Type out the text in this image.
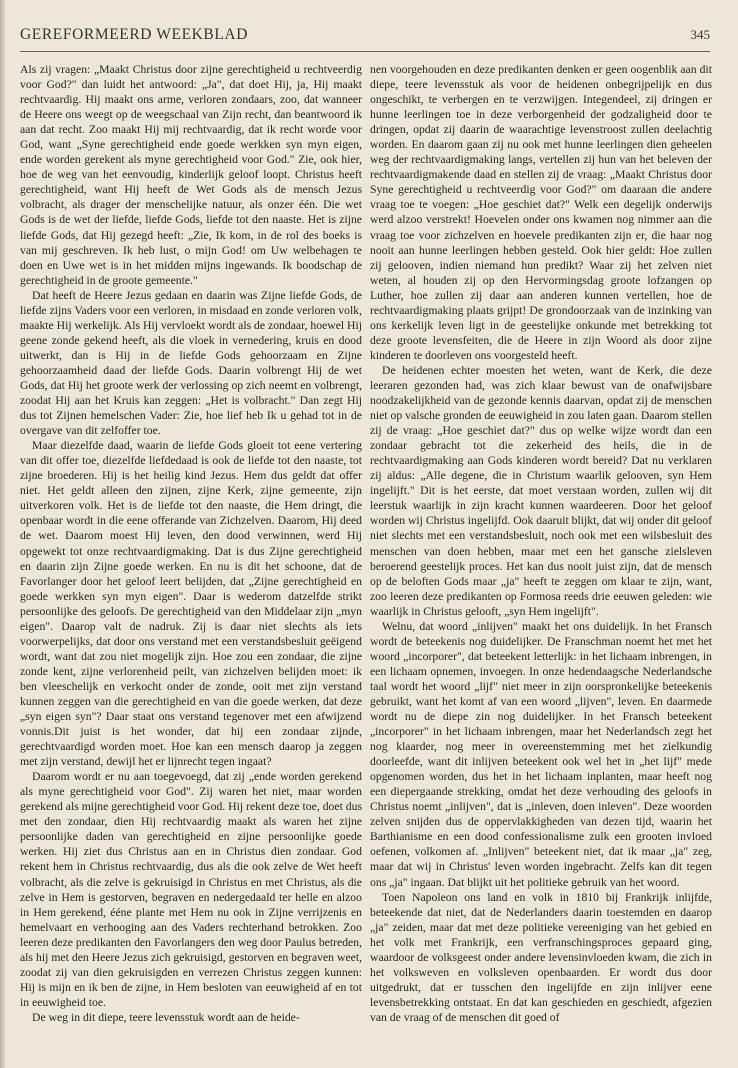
GEREFORMEERD WEEKBLAD	345

Als zij vragen: „Maakt Christus door zijne gerechtigheid u rechtveerdig voor God?" dan luidt het antwoord: „Ja", dat doet Hij, ja, Hij maakt rechtvaardig. Hij maakt ons arme, verloren zondaars, zoo, dat wanneer de Heere ons weegt op de weegschaal van Zijn recht, dan beantwoord ik aan dat recht. Zoo maakt Hij mij rechtvaardig, dat ik recht worde voor God, want „Syne gerechtigheid ende goede werkken syn myn eigen, ende worden gerekent als myne gerechtigheid voor God." Zie, ook hier, hoe de weg van het eenvoudig, kinderlijk geloof loopt. Christus heeft gerechtigheid, want Hij heeft de Wet Gods als de mensch Jezus volbracht, als drager der menschelijke natuur, als onzer één. Die wet Gods is de wet der liefde, liefde Gods, liefde tot den naaste. Het is zijne liefde Gods, dat Hij gezegd heeft: „Zie, Ik kom, in de rol des boeks is van mij geschreven. Ik heb lust, o mijn God! om Uw welbehagen te doen en Uwe wet is in het midden mijns ingewands. Ik boodschap de gerechtigheid in de groote gemeente."

Dat heeft de Heere Jezus gedaan en daarin was Zijne liefde Gods, de liefde zijns Vaders voor een verloren, in misdaad en zonde verloren volk, maakte Hij werkelijk. Als Hij vervloekt wordt als de zondaar, hoewel Hij geene zonde gekend heeft, als die vloek in vernedering, kruis en dood uitwerkt, dan is Hij in de liefde Gods gehoorzaam en Zijne gehoorzaamheid daad der liefde Gods. Daarin volbrengt Hij de wet Gods, dat Hij het groote werk der verlossing op zich neemt en volbrengt, zoodat Hij aan het Kruis kan zeggen: „Het is volbracht." Dan zegt Hij dus tot Zijnen hemelschen Vader: Zie, hoe lief heb Ik u gehad tot in de overgave van dit zelfoffer toe.

Maar diezelfde daad, waarin de liefde Gods gloeit tot eene vertering van dit offer toe, diezelfde liefdedaad is ook de liefde tot den naaste, tot zijne broederen. Hij is het heilig kind Jezus. Hem dus geldt dat offer niet. Het geldt alleen den zijnen, zijne Kerk, zijne gemeente, zijn uitverkoren volk. Het is de liefde tot den naaste, die Hem dringt, die openbaar wordt in die eene offerande van Zichzelven. Daarom, Hij deed de wet. Daarom moest Hij leven, den dood verwinnen, werd Hij opgewekt tot onze rechtvaardigmaking. Dat is dus Zijne gerechtigheid en daarin zijn Zijne goede werken. En nu is dit het schoone, dat de Favorlanger door het geloof leert belijden, dat „Zijne gerechtigheid en goede werkken syn myn eigen". Daar is wederom datzelfde strikt persoonlijke des geloofs. De gerechtigheid van den Middelaar zijn „myn eigen". Daarop valt de nadruk. Zij is daar niet slechts als iets voorwerpelijks, dat door ons verstand met een verstandsbesluit geëigend wordt, want dat zou niet mogelijk zijn. Hoe zou een zondaar, die zijne zonde kent, zijne verlorenheid peilt, van zichzelven belijden moet: ik ben vleeschelijk en verkocht onder de zonde, ooit met zijn verstand kunnen zeggen van die gerechtigheid en van die goede werken, dat deze „syn eigen syn"? Daar staat ons verstand tegenover met een afwijzend vonnis.Dit juist is het wonder, dat hij een zondaar zijnde, gerechtvaardigd worden moet. Hoe kan een mensch daarop ja zeggen met zijn verstand, dewijl het er lijnrecht tegen ingaat?

Daarom wordt er nu aan toegevoegd, dat zij „ende worden gerekend als myne gerechtigheid voor God". Zij waren het niet, maar worden gerekend als mijne gerechtigheid voor God. Hij rekent deze toe, doet dus met den zondaar, dien Hij rechtvaardig maakt als waren het zijne persoonlijke daden van gerechtigheid en zijne persoonlijke goede werken. Hij ziet dus Christus aan en in Christus dien zondaar. God rekent hem in Christus rechtvaardig, dus als die ook zelve de Wet heeft volbracht, als die zelve is gekruisigd in Christus en met Christus, als die zelve in Hem is gestorven, begraven en nedergedaald ter helle en alzoo in Hem gerekend, ééne plante met Hem nu ook in Zijne verrijzenis en hemelvaart en verhooging aan des Vaders rechterhand betrokken. Zoo leeren deze predikanten den Favorlangers den weg door Paulus betreden, als hij met den Heere Jezus zich gekruisigd, gestorven en begraven weet, zoodat zij van dien gekruisigden en verrezen Christus zeggen kunnen: Hij is mijn en ik ben de zijne, in Hem besloten van eeuwigheid af en tot in eeuwigheid toe.

De weg in dit diepe, teere levensstuk wordt aan de heide-

nen voorgehouden en deze predikanten denken er geen oogenblik aan dit diepe, teere levensstuk als voor de heidenen onbegrijpelijk en dus ongeschikt, te verbergen en te verzwijgen. Integendeel, zij dringen er hunne leerlingen toe in deze verborgenheid der godzaligheid door te dringen, opdat zij daarin de waarachtige levenstroost zullen deelachtig worden. En daarom gaan zij nu ook met hunne leerlingen dien geheelen weg der rechtvaardigmaking langs, vertellen zij hun van het beleven der rechtvaardigmakende daad en stellen zij de vraag: „Maakt Christus door Syne gerechtigheid u rechtveerdig voor God?" om daaraan die andere vraag toe te voegen: „Hoe geschiet dat?" Welk een degelijk onderwijs werd alzoo verstrekt! Hoevelen onder ons kwamen nog nimmer aan die vraag toe voor zichzelven en hoevele predikanten zijn er, die haar nog nooit aan hunne leerlingen hebben gesteld. Ook hier geldt: Hoe zullen zij gelooven, indien niemand hun predikt? Waar zij het zelven niet weten, al houden zij op den Hervormingsdag groote lofzangen op Luther, hoe zullen zij daar aan anderen kunnen vertellen, hoe de rechtvaardigmaking plaats grijpt! De grondoorzaak van de inzinking van ons kerkelijk leven ligt in de geestelijke onkunde met betrekking tot deze groote levensfeiten, die de Heere in zijn Woord als door zijne kinderen te doorleven ons voorgesteld heeft.

De heidenen echter moesten het weten, want de Kerk, die deze leeraren gezonden had, was zich klaar bewust van de onafwijsbare noodzakelijkheid van de gezonde kennis daarvan, opdat zij de menschen niet op valsche gronden de eeuwigheid in zou laten gaan. Daarom stellen zij de vraag: „Hoe geschiet dat?" dus op welke wijze wordt dan een zondaar gebracht tot die zekerheid des heils, die in de rechtvaardigmaking aan Gods kinderen wordt bereid? Dat nu verklaren zij aldus: „Alle degene, die in Christum waarlik gelooven, syn Hem ingelijft." Dit is het eerste, dat moet verstaan worden, zullen wij dit leerstuk waarlijk in zijn kracht kunnen waardeeren. Door het geloof worden wij Christus ingelijfd. Ook daaruit blijkt, dat wij onder dit geloof niet slechts met een verstandsbesluit, noch ook met een wilsbesluit des menschen van doen hebben, maar met een het gansche zielsleven beroerend geestelijk proces. Het kan dus nooit juist zijn, dat de mensch op de beloften Gods maar „ja" heeft te zeggen om klaar te zijn, want, zoo leeren deze predikanten op Formosa reeds drie eeuwen geleden: wie waarlijk in Christus gelooft, „syn Hem ingelijft".

Welnu, dat woord „inlijven" maakt het ons duidelijk. In het Fransch wordt de beteekenis nog duidelijker. De Franschman noemt het met het woord „incorporer", dat beteekent letterlijk: in het lichaam inbrengen, in een lichaam opnemen, invoegen. In onze hedendaagsche Nederlandsche taal wordt het woord „lijf" niet meer in zijn oorspronkelijke beteekenis gebruikt, want het komt af van een woord „lijven", leven. En daarmede wordt nu de diepe zin nog duidelijker. In het Fransch beteekent „incorporer" in het lichaam inbrengen, maar het Nederlandsch zegt het nog klaarder, nog meer in overeenstemming met het zielkundig doorleefde, want dit inlijven beteekent ook wel het in „het lijf" mede opgenomen worden, dus het in het lichaam inplanten, maar heeft nog een diepergaande strekking, omdat het deze verhouding des geloofs in Christus noemt „inlijven", dat is „inleven, doen inleven". Deze woorden zelven snijden dus de oppervlakkigheden van dezen tijd, waarin het Barthianisme en een dood confessionalisme zulk een grooten invloed oefenen, volkomen af. „Inlijven" beteekent niet, dat ik maar „ja" zeg, maar dat wij in Christus' leven worden ingebracht. Zelfs kan dit tegen ons „ja" ingaan. Dat blijkt uit het politieke gebruik van het woord.

Toen Napoleon ons land en volk in 1810 bij Frankrijk inlijfde, beteekende dat niet, dat de Nederlanders daarin toestemden en daarop „ja" zeiden, maar dat met deze politieke vereeniging van het gebied en het volk met Frankrijk, een verfranschingsproces gepaard ging, waardoor de volksgeest onder andere levensinvloeden kwam, die zich in het volksweven en volksleven openbaarden. Er wordt dus door uitgedrukt, dat er tusschen den ingelijfde en zijn inlijver eene levensbetrekking ontstaat. En dat kan geschieden en geschiedt, afgezien van de vraag of de menschen dit goed of
